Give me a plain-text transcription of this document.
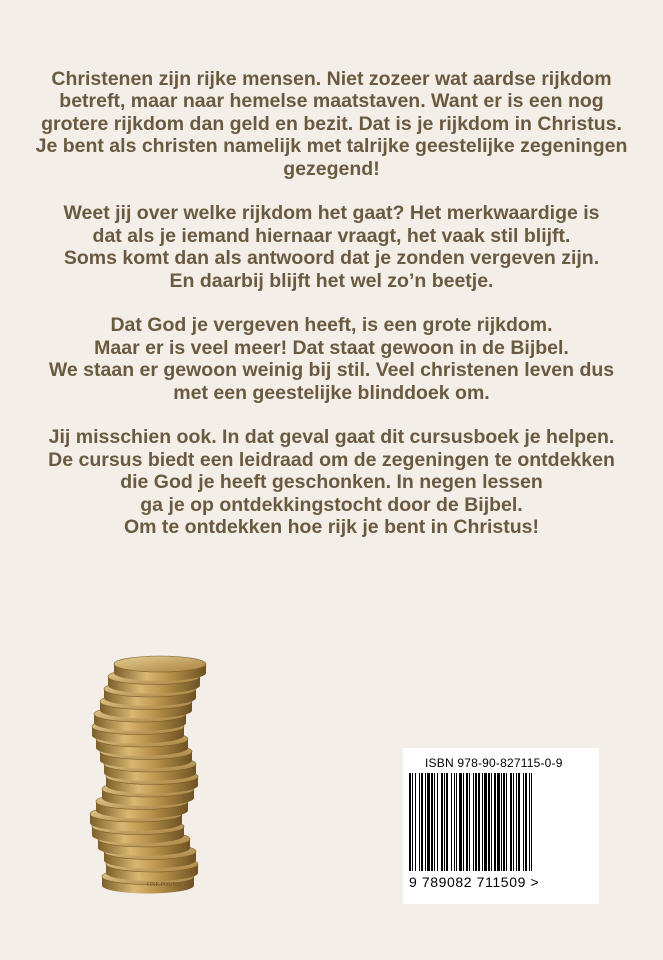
Christenen zijn rijke mensen. Niet zozeer wat aardse rijkdom
betreft, maar naar hemelse maatstaven. Want er is een nog
grotere rijkdom dan geld en bezit. Dat is je rijkdom in Christus.
Je bent als christen namelijk met talrijke geestelijke zegeningen
gezegend!

Weet jij over welke rijkdom het gaat? Het merkwaardige is
dat als je iemand hiernaar vraagt, het vaak stil blijft.
Soms komt dan als antwoord dat je zonden vergeven zijn.
En daarbij blijft het wel zo’n beetje.

Dat God je vergeven heeft, is een grote rijkdom.
Maar er is veel meer! Dat staat gewoon in de Bijbel.
We staan er gewoon weinig bij stil. Veel christenen leven dus
met een geestelijke blinddoek om.

Jij misschien ook. In dat geval gaat dit cursusboek je helpen.
De cursus biedt een leidraad om de zegeningen te ontdekken
die God je heeft geschonken. In negen lessen
ga je op ontdekkingstocht door de Bijbel.
Om te ontdekken hoe rijk je bent in Christus!

ONE POUND
ISBN 978-90-827115-0-9
9 789082 711509 >
